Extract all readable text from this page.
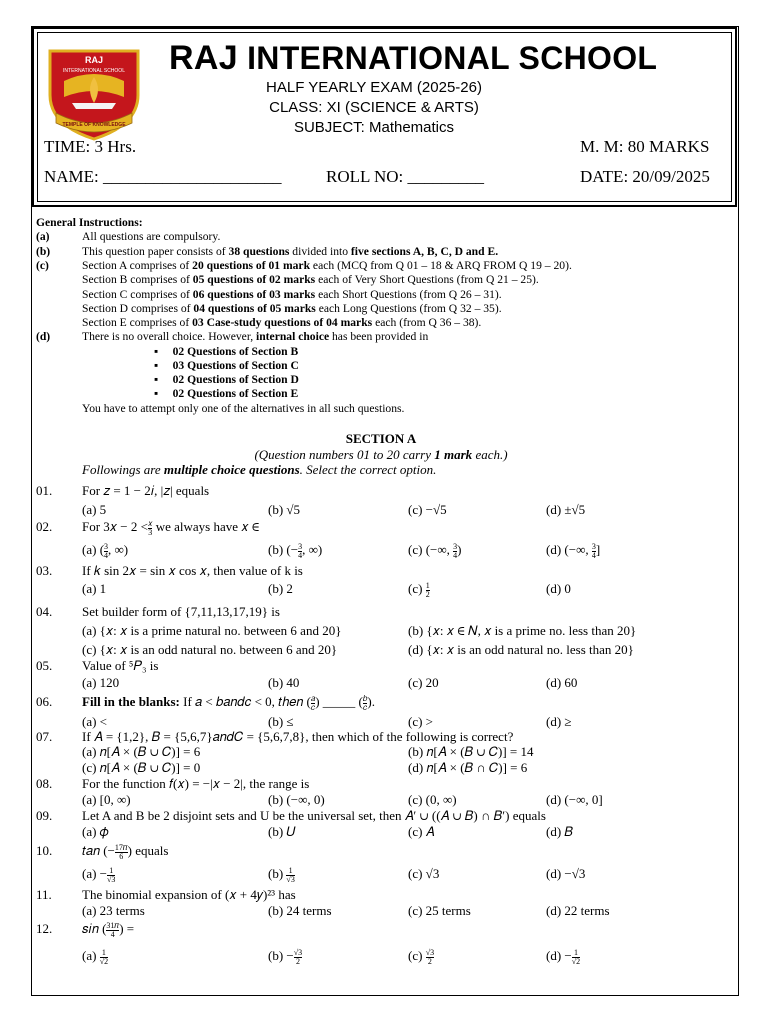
RAJ
INTERNATIONAL SCHOOL
TEMPLE OF KNOWLEDGE
RAJ INTERNATIONAL SCHOOL
HALF YEARLY EXAM (2025-26)
CLASS: XI (SCIENCE & ARTS)
SUBJECT: Mathematics
TIME: 3 Hrs.	M. M: 80 MARKS
NAME: _____________________	ROLL NO: _________	DATE: 20/09/2025
General Instructions:
(a)	All questions are compulsory.
(b)	This question paper consists of 38 questions divided into five sections A, B, C, D and E.
(c)	Section A comprises of 20 questions of 01 mark each (MCQ from Q 01 – 18 & ARQ FROM Q 19 – 20).
Section B comprises of 05 questions of 02 marks each of Very Short Questions (from Q 21 – 25).
Section C comprises of 06 questions of 03 marks each Short Questions (from Q 26 – 31).
Section D comprises of 04 questions of 05 marks each Long Questions (from Q 32 – 35).
Section E comprises of 03 Case-study questions of 04 marks each (from Q 36 – 38).
(d)	There is no overall choice. However, internal choice has been provided in
▪     02 Questions of Section B
▪     03 Questions of Section C
▪     02 Questions of Section D
▪     02 Questions of Section E
You have to attempt only one of the alternatives in all such questions.
SECTION A
(Question numbers 01 to 20 carry 1 mark each.)
Followings are multiple choice questions. Select the correct option.
01. For 𝑧 = 1 − 2𝑖, |𝑧| equals
(a) 5	(b) √5	(c) −√5	(d) ±√5
02. For 3𝑥 − $2 < \frac{\text{𝑥}}{3}$ we always have 𝑥 ∈
(a) ( $\frac{3}{4}$ , ∞)	(b) (− $\frac{3}{4}$ , ∞)	(c) (−∞, $\frac{3}{4}$ )	(d) (−∞, $\frac{3}{4}$ ]
03. If 𝑘 sin 2𝑥 = sin 𝑥 cos 𝑥, then value of k is
(a) 1	(b) 2	$(c) \frac{1}{2}$	(d) 0
04. Set builder form of {7,11,13,17,19} is
(a) {𝑥: 𝑥 is a prime natural no. between 6 and 20}	(b) {𝑥: 𝑥 ∈ 𝑁, 𝑥 is a prime no. less than 20}
(c) {𝑥: 𝑥 is an odd natural no. between 6 and 20}	(d) {𝑥: 𝑥 is an odd natural no. less than 20}
05. Value of ⁵𝑃₃ is
(a) 120	(b) 40	(c) 20	(d) 60
06. Fill in the blanks: If 𝑎 < 𝑏𝑎𝑛𝑑𝑐 < 0, 𝑡ℎ𝑒𝑛 ( $\frac{\text{𝑎}}{\text{𝑐}}$ ) _____ ( $\frac{\text{𝑏}}{\text{𝑐}}$ ).
(a) <	(b) ≤	(c) >	(d) ≥
07. If 𝐴 = {1,2}, 𝐵 = {5,6,7}𝑎𝑛𝑑𝐶 = {5,6,7,8}, then which of the following is correct?
(a) 𝑛[𝐴 × (𝐵 ∪ 𝐶)] = 6	(b) 𝑛[𝐴 × (𝐵 ∪ 𝐶)] = 14
(c) 𝑛[𝐴 × (𝐵 ∪ 𝐶)] = 0	(d) 𝑛[𝐴 × (𝐵 ∩ 𝐶)] = 6
08. For the function 𝑓(𝑥) = −|𝑥 − 2|, the range is
(a) [0, ∞)	(b) (−∞, 0)	(c) (0, ∞)	(d) (−∞, 0]
09. Let A and B be 2 disjoint sets and U be the universal set, then 𝐴′ ∪ ((𝐴 ∪ 𝐵) ∩ 𝐵′) equals
(a) 𝜙	(b) 𝑈	(c) 𝐴	(d) 𝐵
10. 𝑡𝑎𝑛 (− $\frac{\text{17𝜋}}{6}$ ) equals
$(a) - \frac{1}{√3}$	$(b) \frac{1}{√3}$	(c) √3	(d) −√3
11. The binomial expansion of (𝑥 + 4𝑦)²³ has
(a) 23 terms	(b) 24 terms	(c) 25 terms	(d) 22 terms
12. 𝑠𝑖𝑛 ( $\frac{\text{31𝜋}}{4}$ ) =
$(a) \frac{1}{√2}$	$(b) - \frac{√3}{2}$	$(c) \frac{√3}{2}$	$(d) - \frac{1}{√2}$
